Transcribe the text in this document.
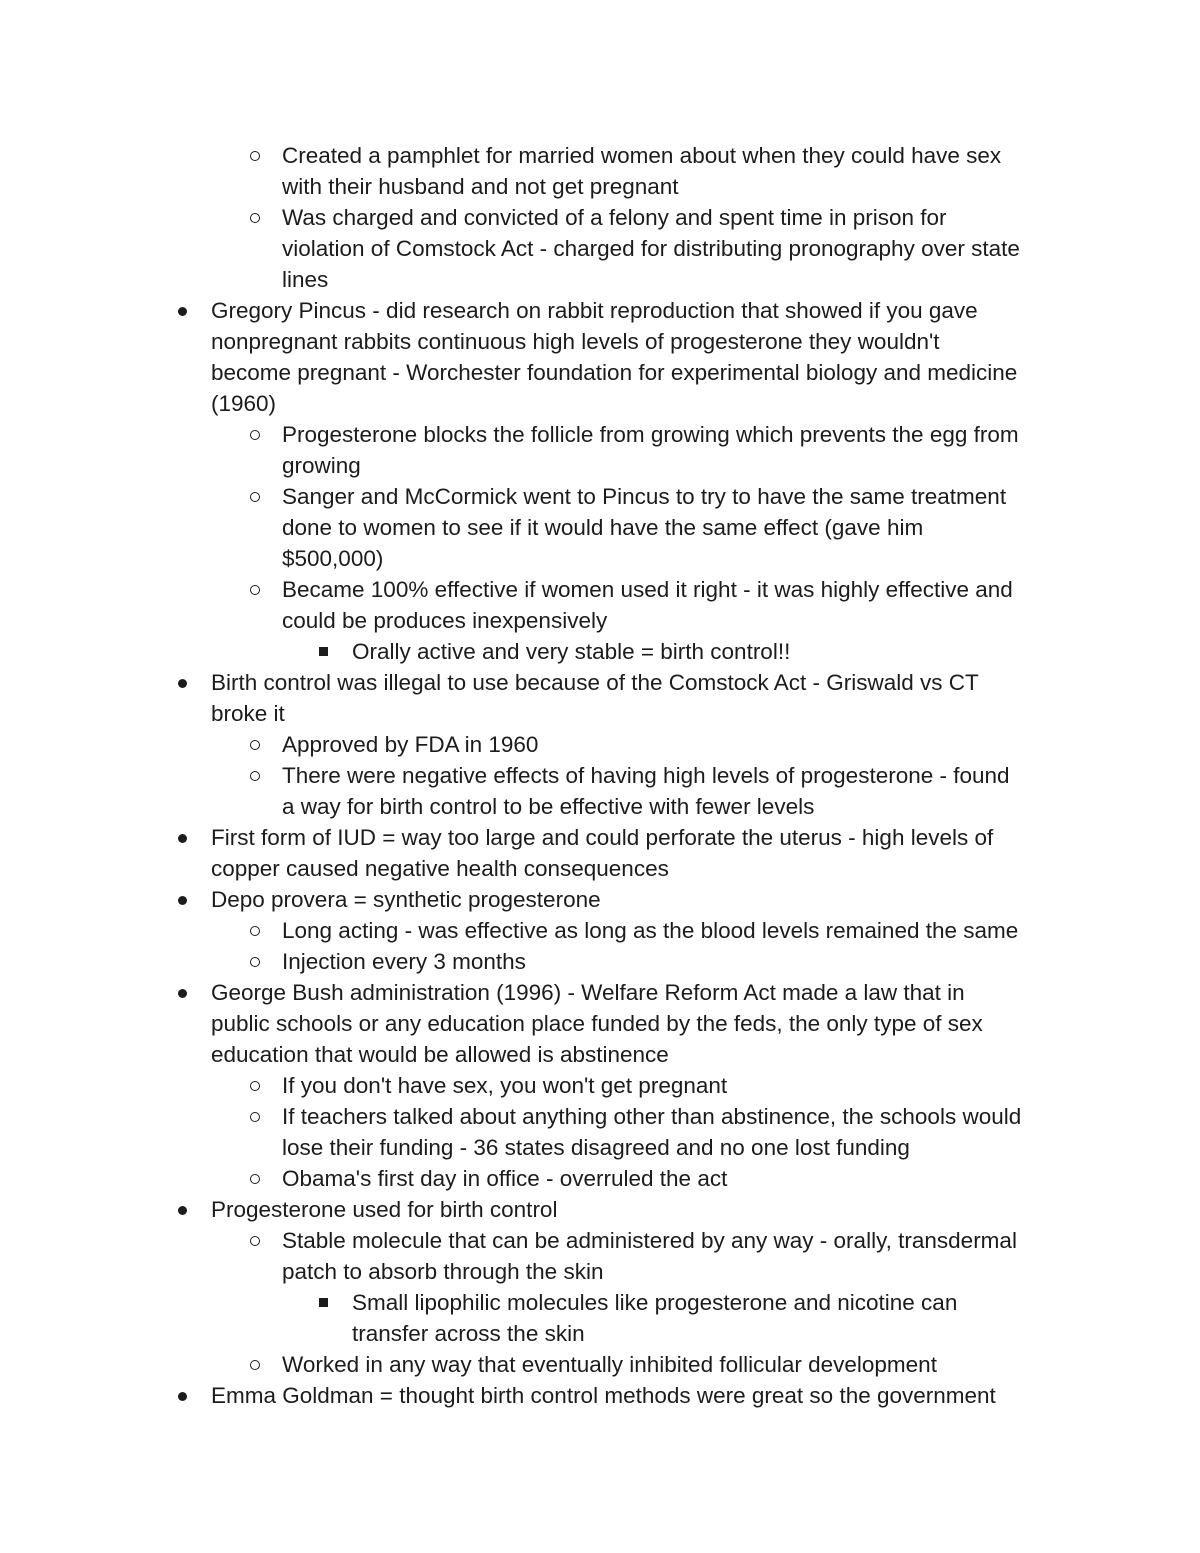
Created a pamphlet for married women about when they could have sex
with their husband and not get pregnant
Was charged and convicted of a felony and spent time in prison for
violation of Comstock Act - charged for distributing pronography over state
lines
Gregory Pincus - did research on rabbit reproduction that showed if you gave
nonpregnant rabbits continuous high levels of progesterone they wouldn't
become pregnant - Worchester foundation for experimental biology and medicine
(1960)
Progesterone blocks the follicle from growing which prevents the egg from
growing
Sanger and McCormick went to Pincus to try to have the same treatment
done to women to see if it would have the same effect (gave him
$500,000)
Became 100% effective if women used it right - it was highly effective and
could be produces inexpensively
Orally active and very stable = birth control!!
Birth control was illegal to use because of the Comstock Act - Griswald vs CT
broke it
Approved by FDA in 1960
There were negative effects of having high levels of progesterone - found
a way for birth control to be effective with fewer levels
First form of IUD = way too large and could perforate the uterus - high levels of
copper caused negative health consequences
Depo provera = synthetic progesterone
Long acting - was effective as long as the blood levels remained the same
Injection every 3 months
George Bush administration (1996) - Welfare Reform Act made a law that in
public schools or any education place funded by the feds, the only type of sex
education that would be allowed is abstinence
If you don't have sex, you won't get pregnant
If teachers talked about anything other than abstinence, the schools would
lose their funding - 36 states disagreed and no one lost funding
Obama's first day in office - overruled the act
Progesterone used for birth control
Stable molecule that can be administered by any way - orally, transdermal
patch to absorb through the skin
Small lipophilic molecules like progesterone and nicotine can
transfer across the skin
Worked in any way that eventually inhibited follicular development
Emma Goldman = thought birth control methods were great so the government
